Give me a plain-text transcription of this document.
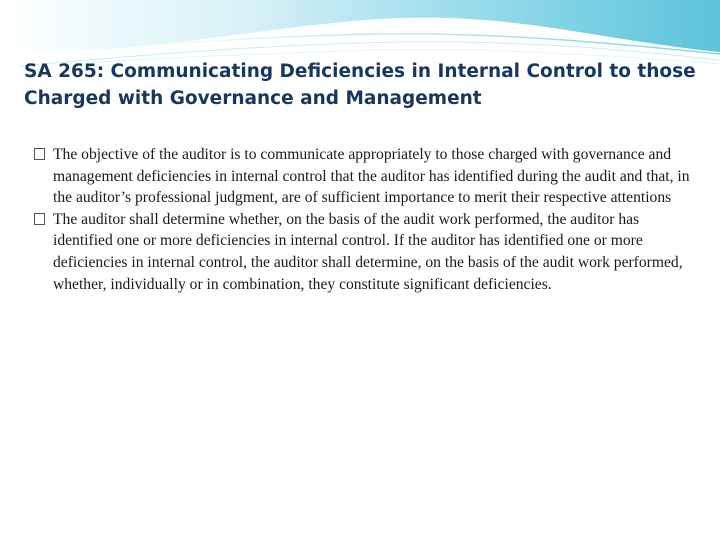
SA 265: Communicating Deficiencies in Internal Control to those Charged with Governance and Management
The objective of the auditor is to communicate appropriately to those charged with governance and management deficiencies in internal control that the auditor has identified during the audit and that, in the auditor’s professional judgment, are of sufficient importance to merit their respective attentions
The auditor shall determine whether, on the basis of the audit work performed, the auditor has identified one or more deficiencies in internal control. If the auditor has identified one or more deficiencies in internal control, the auditor shall determine, on the basis of the audit work performed, whether, individually or in combination, they constitute significant deficiencies.
